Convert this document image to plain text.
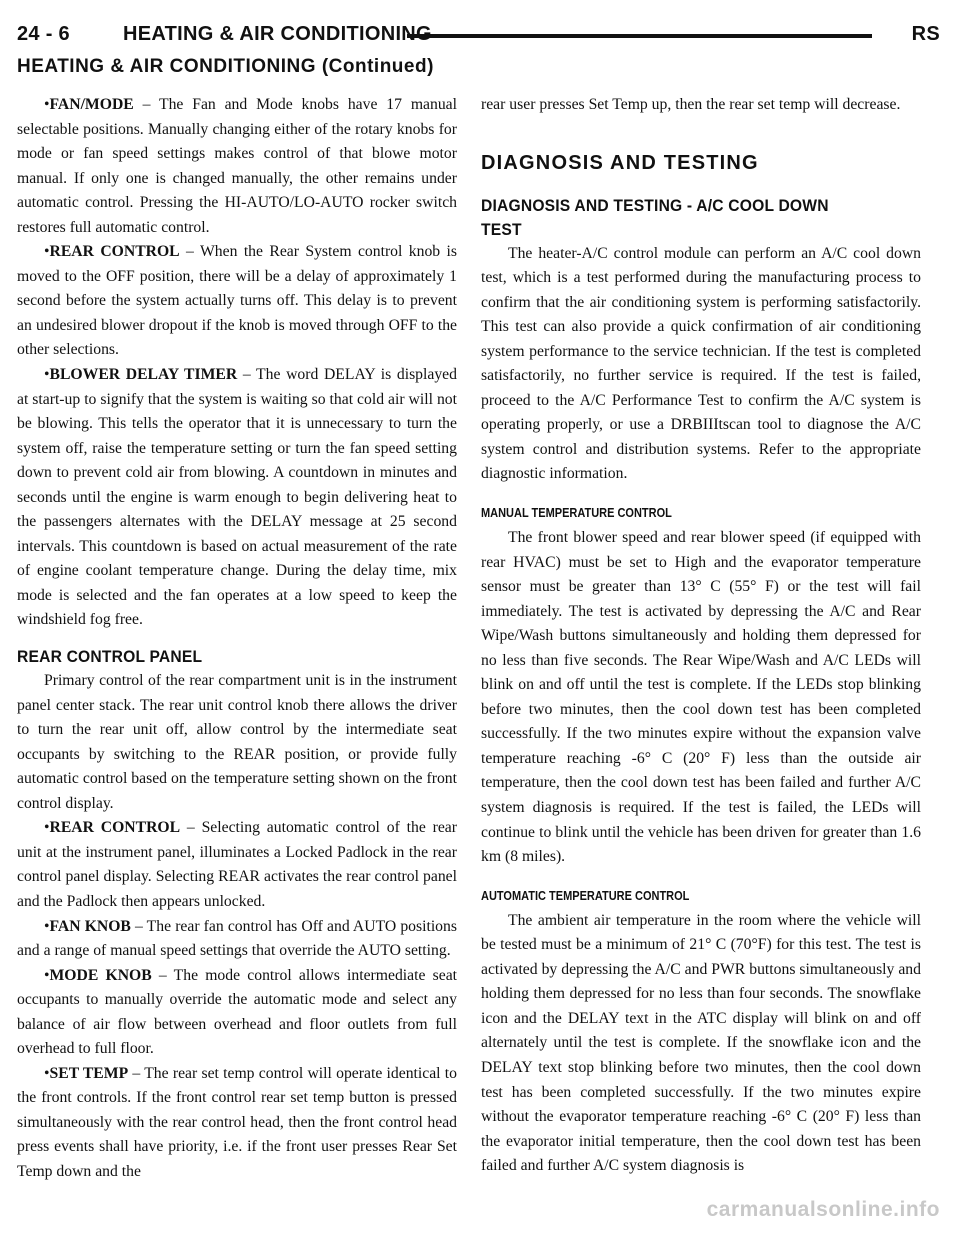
24 - 6	HEATING & AIR CONDITIONING	RS
HEATING & AIR CONDITIONING (Continued)

• FAN/MODE – The Fan and Mode knobs have 17 manual selectable positions. Manually changing either of the rotary knobs for mode or fan speed settings makes control of that blowe motor manual. If only one is changed manually, the other remains under automatic control. Pressing the HI-AUTO/LO-AUTO rocker switch restores full automatic control.

• REAR CONTROL – When the Rear System control knob is moved to the OFF position, there will be a delay of approximately 1 second before the system actually turns off. This delay is to prevent an undesired blower dropout if the knob is moved through OFF to the other selections.

• BLOWER DELAY TIMER – The word DELAY is displayed at start-up to signify that the system is waiting so that cold air will not be blowing. This tells the operator that it is unnecessary to turn the system off, raise the temperature setting or turn the fan speed setting down to prevent cold air from blowing. A countdown in minutes and seconds until the engine is warm enough to begin delivering heat to the passengers alternates with the DELAY message at 25 second intervals. This countdown is based on actual measurement of the rate of engine coolant temperature change. During the delay time, mix mode is selected and the fan operates at a low speed to keep the windshield fog free.

REAR CONTROL PANEL

Primary control of the rear compartment unit is in the instrument panel center stack. The rear unit control knob there allows the driver to turn the rear unit off, allow control by the intermediate seat occupants by switching to the REAR position, or provide fully automatic control based on the temperature setting shown on the front control display.

• REAR CONTROL – Selecting automatic control of the rear unit at the instrument panel, illuminates a Locked Padlock in the rear control panel display. Selecting REAR activates the rear control panel and the Padlock then appears unlocked.

• FAN KNOB – The rear fan control has Off and AUTO positions and a range of manual speed settings that override the AUTO setting.

• MODE KNOB – The mode control allows intermediate seat occupants to manually override the automatic mode and select any balance of air flow between overhead and floor outlets from full overhead to full floor.

• SET TEMP – The rear set temp control will operate identical to the front controls. If the front control rear set temp button is pressed simultaneously with the rear control head, then the front control head press events shall have priority, i.e. if the front user presses Rear Set Temp down and the

rear user presses Set Temp up, then the rear set temp will decrease.

DIAGNOSIS AND TESTING
DIAGNOSIS AND TESTING - A/C COOL DOWN
TEST

The heater-A/C control module can perform an A/C cool down test, which is a test performed during the manufacturing process to confirm that the air conditioning system is performing satisfactorily. This test can also provide a quick confirmation of air conditioning system performance to the service technician. If the test is completed satisfactorily, no further service is required. If the test is failed, proceed to the A/C Performance Test to confirm the A/C system is operating properly, or use a DRBIIItscan tool to diagnose the A/C system control and distribution systems. Refer to the appropriate diagnostic information.

MANUAL TEMPERATURE CONTROL

The front blower speed and rear blower speed (if equipped with rear HVAC) must be set to High and the evaporator temperature sensor must be greater than 13° C (55° F) or the test will fail immediately. The test is activated by depressing the A/C and Rear Wipe/Wash buttons simultaneously and holding them depressed for no less than five seconds. The Rear Wipe/Wash and A/C LEDs will blink on and off until the test is complete. If the LEDs stop blinking before two minutes, then the cool down test has been completed successfully. If the two minutes expire without the expansion valve temperature reaching -6° C (20° F) less than the outside air temperature, then the cool down test has been failed and further A/C system diagnosis is required. If the test is failed, the LEDs will continue to blink until the vehicle has been driven for greater than 1.6 km (8 miles).

AUTOMATIC TEMPERATURE CONTROL

The ambient air temperature in the room where the vehicle will be tested must be a minimum of 21° C (70°F) for this test. The test is activated by depressing the A/C and PWR buttons simultaneously and holding them depressed for no less than four seconds. The snowflake icon and the DELAY text in the ATC display will blink on and off alternately until the test is complete. If the snowflake icon and the DELAY text stop blinking before two minutes, then the cool down test has been completed successfully. If the two minutes expire without the evaporator temperature reaching -6° C (20° F) less than the evaporator initial temperature, then the cool down test has been failed and further A/C system diagnosis is

carmanualsonline.info
